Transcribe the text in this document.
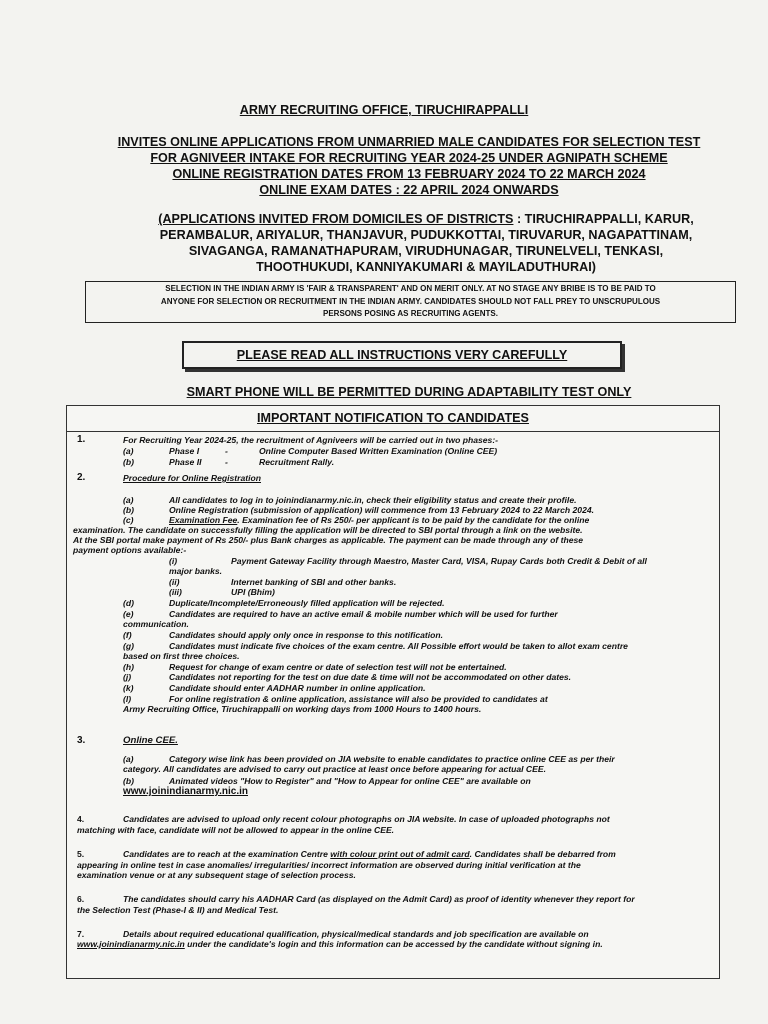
ARMY RECRUITING OFFICE, TIRUCHIRAPPALLI
INVITES ONLINE APPLICATIONS FROM UNMARRIED MALE CANDIDATES FOR SELECTION TEST
FOR AGNIVEER INTAKE FOR RECRUITING YEAR 2024-25 UNDER AGNIPATH SCHEME
ONLINE REGISTRATION DATES FROM 13 FEBRUARY 2024 TO 22 MARCH 2024
ONLINE EXAM DATES : 22 APRIL 2024 ONWARDS
(APPLICATIONS INVITED FROM DOMICILES OF DISTRICTS : TIRUCHIRAPPALLI, KARUR,
PERAMBALUR, ARIYALUR, THANJAVUR, PUDUKKOTTAI, TIRUVARUR, NAGAPATTINAM,
SIVAGANGA, RAMANATHAPURAM, VIRUDHUNAGAR, TIRUNELVELI, TENKASI,
THOOTHUKUDI, KANNIYAKUMARI & MAYILADUTHURAI)
SELECTION IN THE INDIAN ARMY IS 'FAIR & TRANSPARENT' AND ON MERIT ONLY. AT NO STAGE ANY BRIBE IS TO BE PAID TO
ANYONE FOR SELECTION OR RECRUITMENT IN THE INDIAN ARMY. CANDIDATES SHOULD NOT FALL PREY TO UNSCRUPULOUS
PERSONS POSING AS RECRUITING AGENTS.
PLEASE READ ALL INSTRUCTIONS VERY CAREFULLY
SMART PHONE WILL BE PERMITTED DURING ADAPTABILITY TEST ONLY
IMPORTANT NOTIFICATION TO CANDIDATES
1.	For Recruiting Year 2024-25, the recruitment of Agniveers will be carried out in two phases:-
(a)	Phase I	-	Online Computer Based Written Examination (Online CEE)
(b)	Phase II	-	Recruitment Rally.
2.	Procedure for Online Registration
(a)	All candidates to log in to joinindianarmy.nic.in, check their eligibility status and create their profile.
(b)	Online Registration (submission of application) will commence from 13 February 2024 to 22 March 2024.
(c)	Examination Fee. Examination fee of Rs 250/- per applicant is to be paid by the candidate for the online
examination. The candidate on successfully filling the application will be directed to SBI portal through a link on the website.
At the SBI portal make payment of Rs 250/- plus Bank charges as applicable. The payment can be made through any of these
payment options available:-
(i)	Payment Gateway Facility through Maestro, Master Card, VISA, Rupay Cards both Credit & Debit of all
major banks.
(ii)	Internet banking of SBI and other banks.
(iii)	UPI (Bhim)
(d)	Duplicate/Incomplete/Erroneously filled application will be rejected.
(e)	Candidates are required to have an active email & mobile number which will be used for further
communication.
(f)	Candidates should apply only once in response to this notification.
(g)	Candidates must indicate five choices of the exam centre. All Possible effort would be taken to allot exam centre
based on first three choices.
(h)	Request for change of exam centre or date of selection test will not be entertained.
(j)	Candidates not reporting for the test on due date & time will not be accommodated on other dates.
(k)	Candidate should enter AADHAR number in online application.
(l)	For online registration & online application, assistance will also be provided to candidates at
Army Recruiting Office, Tiruchirappalli on working days from 1000 Hours to 1400 hours.
3.	Online CEE.
(a)	Category wise link has been provided on JIA website to enable candidates to practice online CEE as per their
category. All candidates are advised to carry out practice at least once before appearing for actual CEE.
(b)	Animated videos "How to Register" and "How to Appear for online CEE" are available on
www.joinindianarmy.nic.in
4.	Candidates are advised to upload only recent colour photographs on JIA website. In case of uploaded photographs not
matching with face, candidate will not be allowed to appear in the online CEE.
5.	Candidates are to reach at the examination Centre with colour print out of admit card. Candidates shall be debarred from
appearing in online test in case anomalies/ irregularities/ incorrect information are observed during initial verification at the
examination venue or at any subsequent stage of selection process.
6.	The candidates should carry his AADHAR Card (as displayed on the Admit Card) as proof of identity whenever they report for
the Selection Test (Phase-I & II) and Medical Test.
7.	Details about required educational qualification, physical/medical standards and job specification are available on
www.joinindianarmy.nic.in under the candidate's login and this information can be accessed by the candidate without signing in.
